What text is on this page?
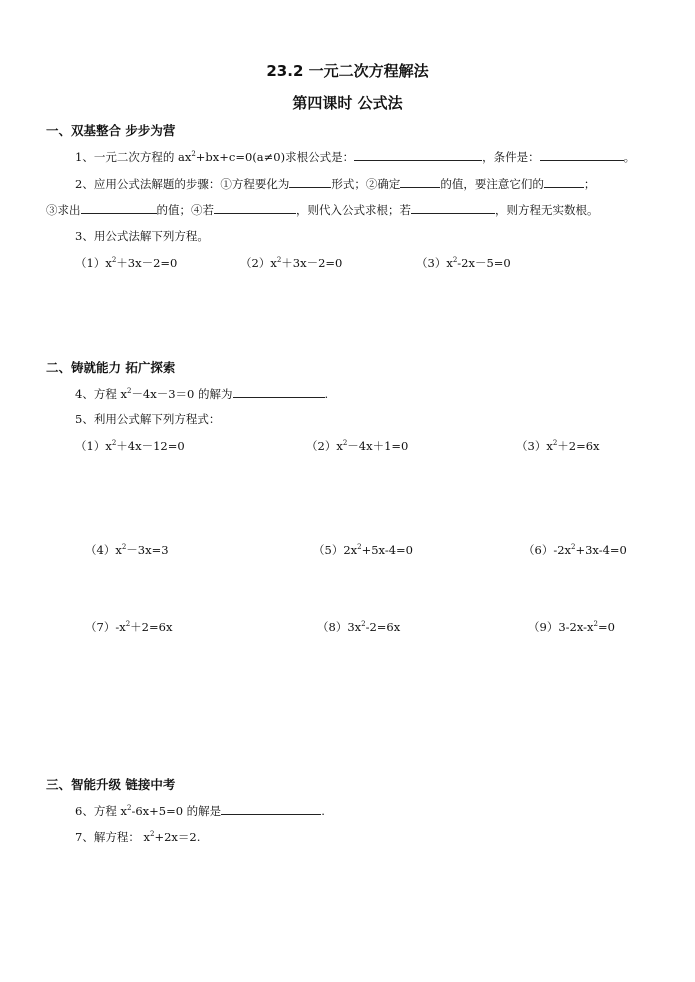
23.2 一元二次方程解法
第四课时 公式法
一、双基整合 步步为营
1、一元二次方程的 $ax^2+bx+c=0(a\ne 0)$求根公式是：	，条件是：	。
2、应用公式法解题的步骤：①方程要化为	形式；②确定	的值，要注意它们的	；
③求出	的值；④若	，则代入公式求根；若	，则方程无实数根。
3、用公式法解下列方程。
$(1)x^2+3x-2=0$	$(2)x^2+3x-2=0$	$(3)x^2-2x-5=0$
二、铸就能力 拓广探索
4、方程 $x^2-4x-3=0$ 的解为	.
5、利用公式解下列方程式：
$(1)x^2+4x-12=0$	$(2)x^2-4x+1=0$	$(3)x^2+2=6x$
$(4)x^2-3x=3$	$(5)2x^2+5x-4=0$	$(6)-2x^2+3x-4=0$
$(7)-x^2+2=6x$	$(8)3x^2-2=6x$	$(9)3-2x-x^2=0$
三、智能升级 链接中考
6、方程 $x^2-6x+5=0$ 的解是	.
7、解方程： $x^2+2x=2$.
